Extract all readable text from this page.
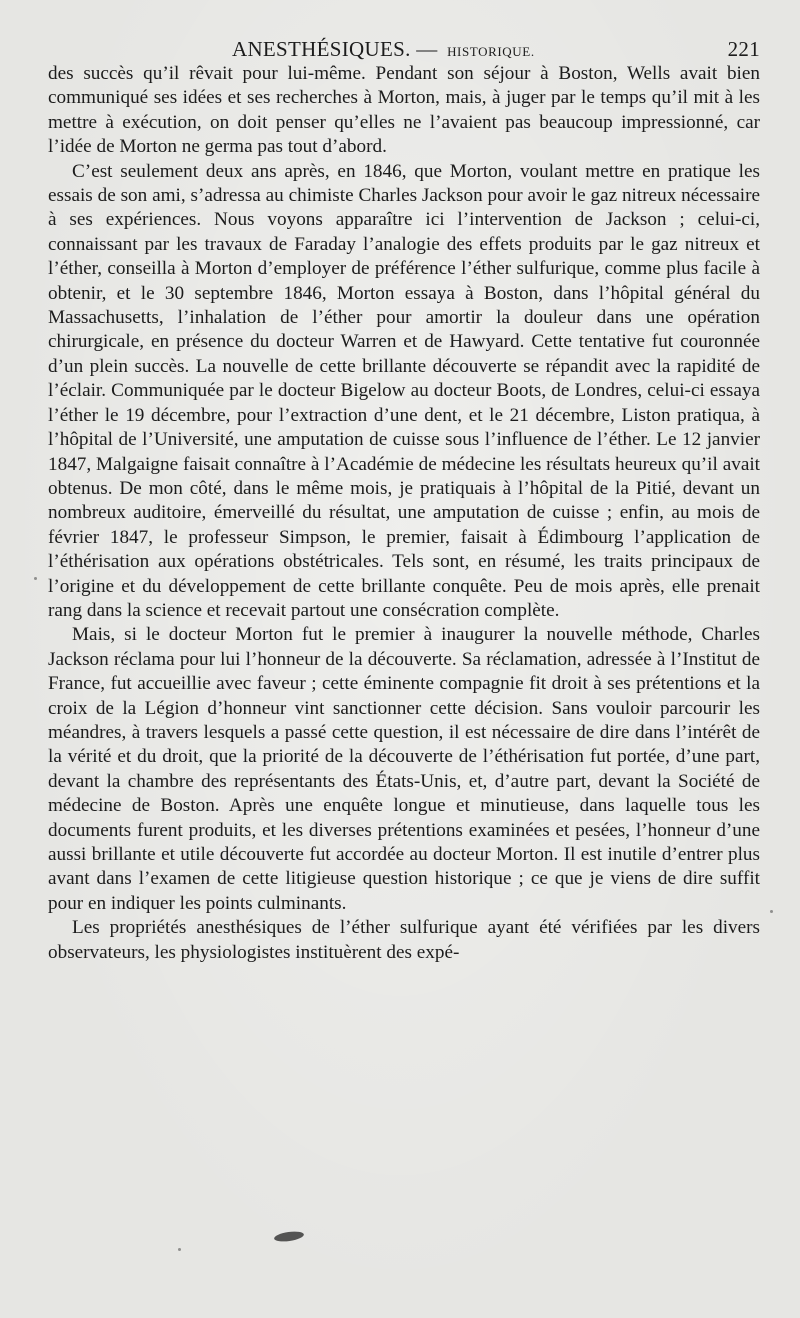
ANESTHÉSIQUES. — HISTORIQUE.	221

des succès qu’il rêvait pour lui-même. Pendant son séjour à Boston, Wells avait bien communiqué ses idées et ses recherches à Morton, mais, à juger par le temps qu’il mit à les mettre à exécution, on doit penser qu’elles ne l’avaient pas beaucoup impressionné, car l’idée de Morton ne germa pas tout d’abord.

C’est seulement deux ans après, en 1846, que Morton, voulant mettre en pratique les essais de son ami, s’adressa au chimiste Charles Jackson pour avoir le gaz nitreux nécessaire à ses expériences. Nous voyons apparaître ici l’intervention de Jackson ; celui-ci, connaissant par les travaux de Faraday l’analogie des effets produits par le gaz nitreux et l’éther, conseilla à Morton d’employer de préférence l’éther sulfurique, comme plus facile à obtenir, et le 30 septembre 1846, Morton essaya à Boston, dans l’hôpital général du Massachusetts, l’inhalation de l’éther pour amortir la douleur dans une opération chirurgicale, en présence du docteur Warren et de Hawyard. Cette tentative fut couronnée d’un plein succès. La nouvelle de cette brillante découverte se répandit avec la rapidité de l’éclair. Communiquée par le docteur Bigelow au docteur Boots, de Londres, celui-ci essaya l’éther le 19 décembre, pour l’extraction d’une dent, et le 21 décembre, Liston pratiqua, à l’hôpital de l’Université, une amputation de cuisse sous l’influence de l’éther. Le 12 janvier 1847, Malgaigne faisait connaître à l’Académie de médecine les résultats heureux qu’il avait obtenus. De mon côté, dans le même mois, je pratiquais à l’hôpital de la Pitié, devant un nombreux auditoire, émerveillé du résultat, une amputation de cuisse ; enfin, au mois de février 1847, le professeur Simpson, le premier, faisait à Édimbourg l’application de l’éthérisation aux opérations obstétricales. Tels sont, en résumé, les traits principaux de l’origine et du développement de cette brillante conquête. Peu de mois après, elle prenait rang dans la science et recevait partout une consécration complète.

Mais, si le docteur Morton fut le premier à inaugurer la nouvelle méthode, Charles Jackson réclama pour lui l’honneur de la découverte. Sa réclamation, adressée à l’Institut de France, fut accueillie avec faveur ; cette éminente compagnie fit droit à ses prétentions et la croix de la Légion d’honneur vint sanctionner cette décision. Sans vouloir parcourir les méandres, à travers lesquels a passé cette question, il est nécessaire de dire dans l’intérêt de la vérité et du droit, que la priorité de la découverte de l’éthérisation fut portée, d’une part, devant la chambre des représentants des États-Unis, et, d’autre part, devant la Société de médecine de Boston. Après une enquête longue et minutieuse, dans laquelle tous les documents furent produits, et les diverses prétentions examinées et pesées, l’honneur d’une aussi brillante et utile découverte fut accordée au docteur Morton. Il est inutile d’entrer plus avant dans l’examen de cette litigieuse question historique ; ce que je viens de dire suffit pour en indiquer les points culminants.

Les propriétés anesthésiques de l’éther sulfurique ayant été vérifiées par les divers observateurs, les physiologistes instituèrent des expé-
